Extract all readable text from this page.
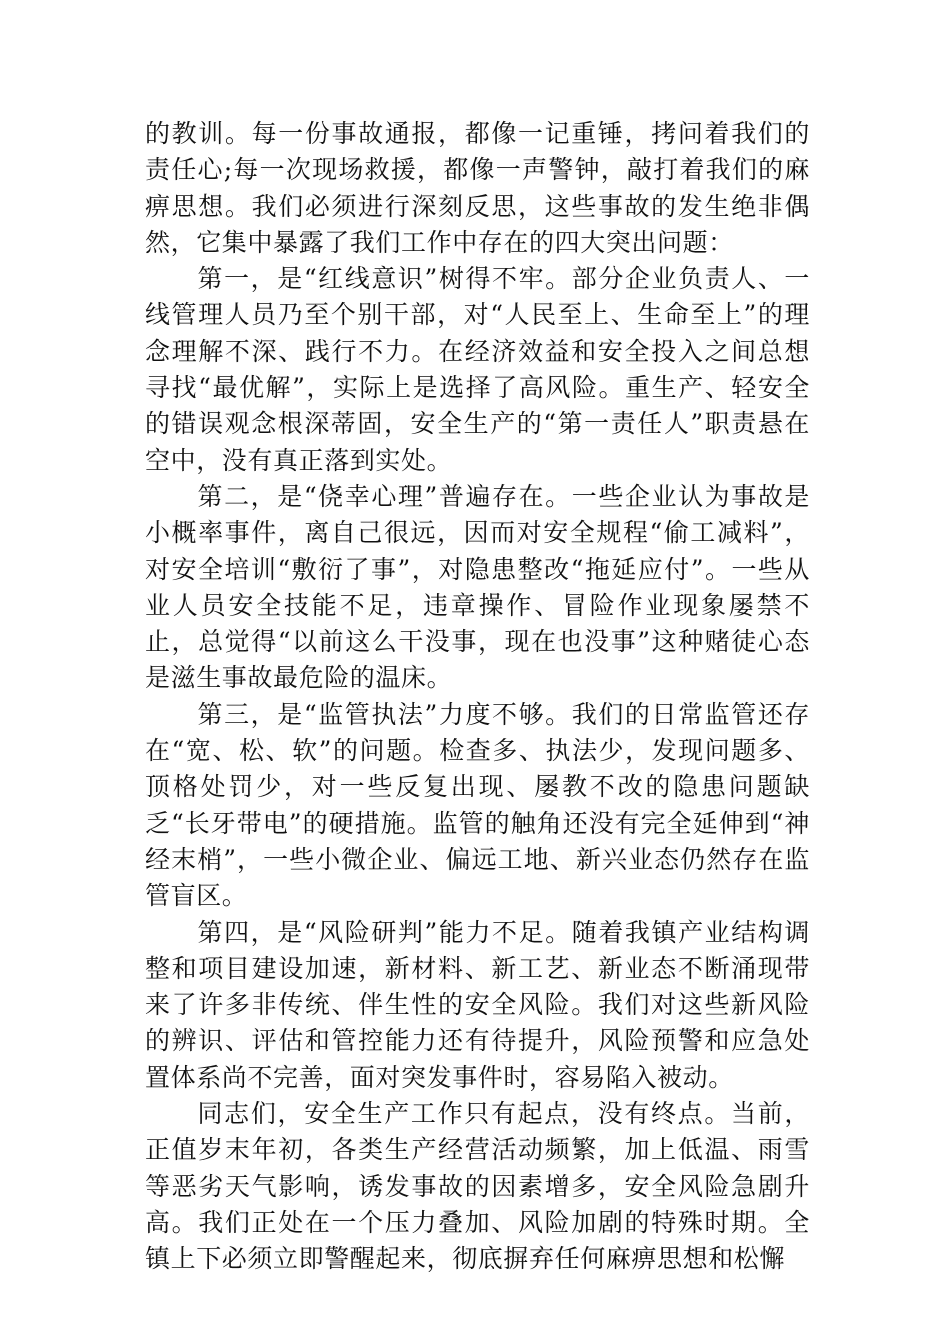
的教训。每一份事故通报，都像一记重锤，拷问着我们的责任心;每一次现场救援，都像一声警钟，敲打着我们的麻痹思想。我们必须进行深刻反思，这些事故的发生绝非偶然，它集中暴露了我们工作中存在的四大突出问题：

第一，是“红线意识”树得不牢。部分企业负责人、一线管理人员乃至个别干部，对“人民至上、生命至上”的理念理解不深、践行不力。在经济效益和安全投入之间总想寻找“最优解”，实际上是选择了高风险。重生产、轻安全的错误观念根深蒂固，安全生产的“第一责任人”职责悬在空中，没有真正落到实处。

第二，是“侥幸心理”普遍存在。一些企业认为事故是小概率事件，离自己很远，因而对安全规程“偷工减料”，对安全培训“敷衍了事”，对隐患整改“拖延应付”。一些从业人员安全技能不足，违章操作、冒险作业现象屡禁不止，总觉得“以前这么干没事，现在也没事”这种赌徒心态是滋生事故最危险的温床。

第三，是“监管执法”力度不够。我们的日常监管还存在“宽、松、软”的问题。检查多、执法少，发现问题多、顶格处罚少，对一些反复出现、屡教不改的隐患问题缺乏“长牙带电”的硬措施。监管的触角还没有完全延伸到“神经末梢”，一些小微企业、偏远工地、新兴业态仍然存在监管盲区。

第四，是“风险研判”能力不足。随着我镇产业结构调整和项目建设加速，新材料、新工艺、新业态不断涌现带来了许多非传统、伴生性的安全风险。我们对这些新风险的辨识、评估和管控能力还有待提升，风险预警和应急处置体系尚不完善，面对突发事件时，容易陷入被动。

同志们，安全生产工作只有起点，没有终点。当前，正值岁末年初，各类生产经营活动频繁，加上低温、雨雪等恶劣天气影响，诱发事故的因素增多，安全风险急剧升高。我们正处在一个压力叠加、风险加剧的特殊时期。全镇上下必须立即警醒起来，彻底摒弃任何麻痹思想和松懈
